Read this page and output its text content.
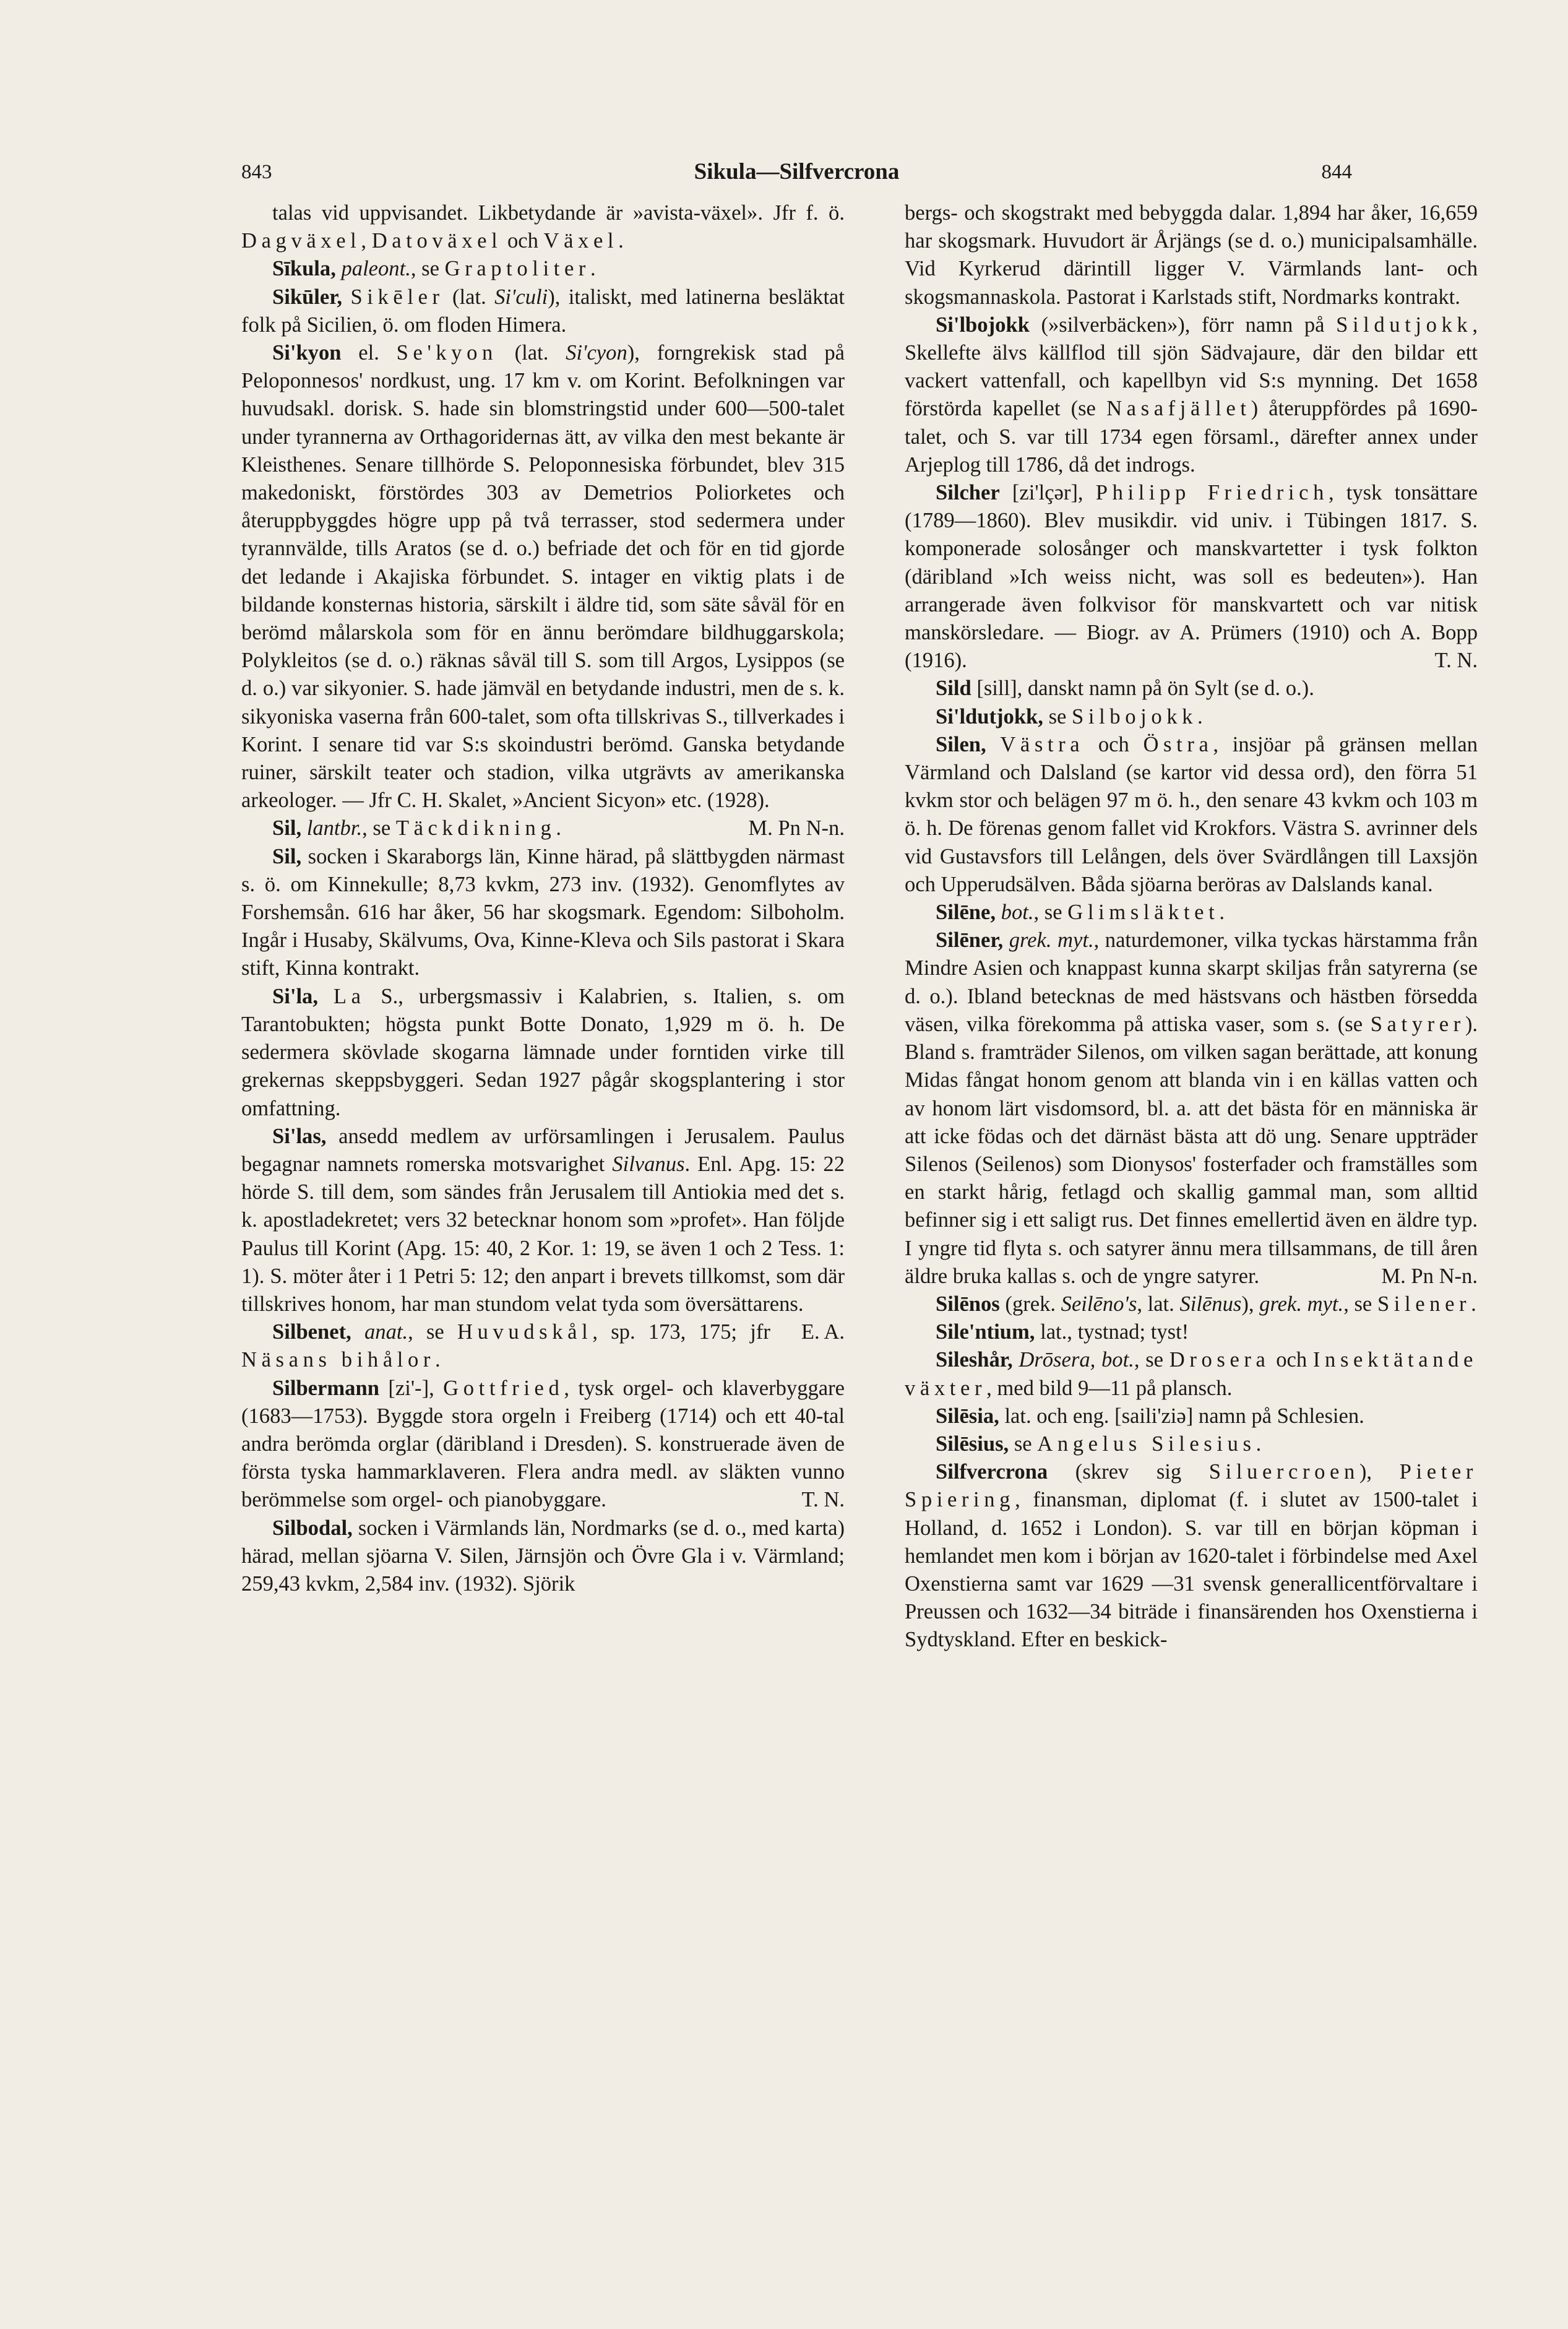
843	Sikula—Silfvercrona	844

talas vid uppvisandet. Likbetydande är »avista-växel». Jfr f. ö. Dagväxel, Datoväxel och Växel.

Sīkula, paleont., se Graptoliter.

Sikūler, Sikēler (lat. Si'culi), italiskt, med latinerna besläktat folk på Sicilien, ö. om floden Himera.

Si'kyon el. Se'kyon (lat. Si'cyon), forngrekisk stad på Peloponnesos' nordkust, ung. 17 km v. om Korint. Befolkningen var huvudsakl. dorisk. S. hade sin blomstringstid under 600—500-talet under tyrannerna av Orthagoridernas ätt, av vilka den mest bekante är Kleisthenes. Senare tillhörde S. Peloponnesiska förbundet, blev 315 makedoniskt, förstördes 303 av Demetrios Poliorketes och återuppbyggdes högre upp på två terrasser, stod sedermera under tyrannvälde, tills Aratos (se d. o.) befriade det och för en tid gjorde det ledande i Akajiska förbundet. S. intager en viktig plats i de bildande konsternas historia, särskilt i äldre tid, som säte såväl för en berömd målarskola som för en ännu berömdare bildhuggarskola; Polykleitos (se d. o.) räknas såväl till S. som till Argos, Lysippos (se d. o.) var sikyonier. S. hade jämväl en betydande industri, men de s. k. sikyoniska vaserna från 600-talet, som ofta tillskrivas S., tillverkades i Korint. I senare tid var S:s skoindustri berömd. Ganska betydande ruiner, särskilt teater och stadion, vilka utgrävts av amerikanska arkeologer. — Jfr C. H. Skalet, »Ancient Sicyon» etc. (1928).
M. Pn N-n.

Sil, lantbr., se Täckdikning.

Sil, socken i Skaraborgs län, Kinne härad, på slättbygden närmast s. ö. om Kinnekulle; 8,73 kvkm, 273 inv. (1932). Genomflytes av Forshemsån. 616 har åker, 56 har skogsmark. Egendom: Silboholm. Ingår i Husaby, Skälvums, Ova, Kinne-Kleva och Sils pastorat i Skara stift, Kinna kontrakt.

Si'la, La S., urbergsmassiv i Kalabrien, s. Italien, s. om Tarantobukten; högsta punkt Botte Donato, 1,929 m ö. h. De sedermera skövlade skogarna lämnade under forntiden virke till grekernas skeppsbyggeri. Sedan 1927 pågår skogsplantering i stor omfattning.

Si'las, ansedd medlem av urförsamlingen i Jerusalem. Paulus begagnar namnets romerska motsvarighet Silvanus. Enl. Apg. 15: 22 hörde S. till dem, som sändes från Jerusalem till Antiokia med det s. k. apostladekretet; vers 32 betecknar honom som »profet». Han följde Paulus till Korint (Apg. 15: 40, 2 Kor. 1: 19, se även 1 och 2 Tess. 1: 1). S. möter åter i 1 Petri 5: 12; den anpart i brevets tillkomst, som där tillskrives honom, har man stundom velat tyda som översättarens.
E. A.

Silbenet, anat., se Huvudskål, sp. 173, 175; jfr Näsans bihålor.

Silbermann [zi'-], Gottfried, tysk orgel- och klaverbyggare (1683—1753). Byggde stora orgeln i Freiberg (1714) och ett 40-tal andra berömda orglar (däribland i Dresden). S. konstruerade även de första tyska hammarklaveren. Flera andra medl. av släkten vunno berömmelse som orgel- och pianobyggare.	T. N.

Silbodal, socken i Värmlands län, Nordmarks (se d. o., med karta) härad, mellan sjöarna V. Silen, Järnsjön och Övre Gla i v. Värmland; 259,43 kvkm, 2,584 inv. (1932). Sjörik

bergs- och skogstrakt med bebyggda dalar. 1,894 har åker, 16,659 har skogsmark. Huvudort är Årjängs (se d. o.) municipalsamhälle. Vid Kyrkerud därintill ligger V. Värmlands lant- och skogsmannaskola. Pastorat i Karlstads stift, Nordmarks kontrakt.

Si'lbojokk (»silverbäcken»), förr namn på Sildutjokk, Skellefte älvs källflod till sjön Sädvajaure, där den bildar ett vackert vattenfall, och kapellbyn vid S:s mynning. Det 1658 förstörda kapellet (se Nasafjället) återuppfördes på 1690-talet, och S. var till 1734 egen församl., därefter annex under Arjeplog till 1786, då det indrogs.

Silcher [zi'lçər], Philipp Friedrich, tysk tonsättare (1789—1860). Blev musikdir. vid univ. i Tübingen 1817. S. komponerade solosånger och manskvartetter i tysk folkton (däribland »Ich weiss nicht, was soll es bedeuten»). Han arrangerade även folkvisor för manskvartett och var nitisk manskörsledare. — Biogr. av A. Prümers (1910) och A. Bopp (1916).	T. N.

Sild [sill], danskt namn på ön Sylt (se d. o.).

Si'ldutjokk, se Silbojokk.

Silen, Västra och Östra, insjöar på gränsen mellan Värmland och Dalsland (se kartor vid dessa ord), den förra 51 kvkm stor och belägen 97 m ö. h., den senare 43 kvkm och 103 m ö. h. De förenas genom fallet vid Krokfors. Västra S. avrinner dels vid Gustavsfors till Lelången, dels över Svärdlången till Laxsjön och Upperudsälven. Båda sjöarna beröras av Dalslands kanal.

Silēne, bot., se Glimsläktet.

Silēner, grek. myt., naturdemoner, vilka tyckas härstamma från Mindre Asien och knappast kunna skarpt skiljas från satyrerna (se d. o.). Ibland betecknas de med hästsvans och hästben försedda väsen, vilka förekomma på attiska vaser, som s. (se Satyrer). Bland s. framträder Silenos, om vilken sagan berättade, att konung Midas fångat honom genom att blanda vin i en källas vatten och av honom lärt visdomsord, bl. a. att det bästa för en människa är att icke födas och det därnäst bästa att dö ung. Senare uppträder Silenos (Seilenos) som Dionysos' fosterfader och framställes som en starkt hårig, fetlagd och skallig gammal man, som alltid befinner sig i ett saligt rus. Det finnes emellertid även en äldre typ. I yngre tid flyta s. och satyrer ännu mera tillsammans, de till åren äldre bruka kallas s. och de yngre satyrer.	M. Pn N-n.

Silēnos (grek. Seilēno's, lat. Silēnus), grek. myt., se Silener.

Sile'ntium, lat., tystnad; tyst!

Sileshår, Drōsera, bot., se Drosera och Insektätande växter, med bild 9—11 på plansch.

Silēsia, lat. och eng. [saili'ziə] namn på Schlesien.

Silēsius, se Angelus Silesius.

Silfvercrona (skrev sig Siluercroen), Pieter Spiering, finansman, diplomat (f. i slutet av 1500-talet i Holland, d. 1652 i London). S. var till en början köpman i hemlandet men kom i början av 1620-talet i förbindelse med Axel Oxenstierna samt var 1629 —31 svensk generallicentförvaltare i Preussen och 1632—34 biträde i finansärenden hos Oxenstierna i Sydtyskland. Efter en beskick-
